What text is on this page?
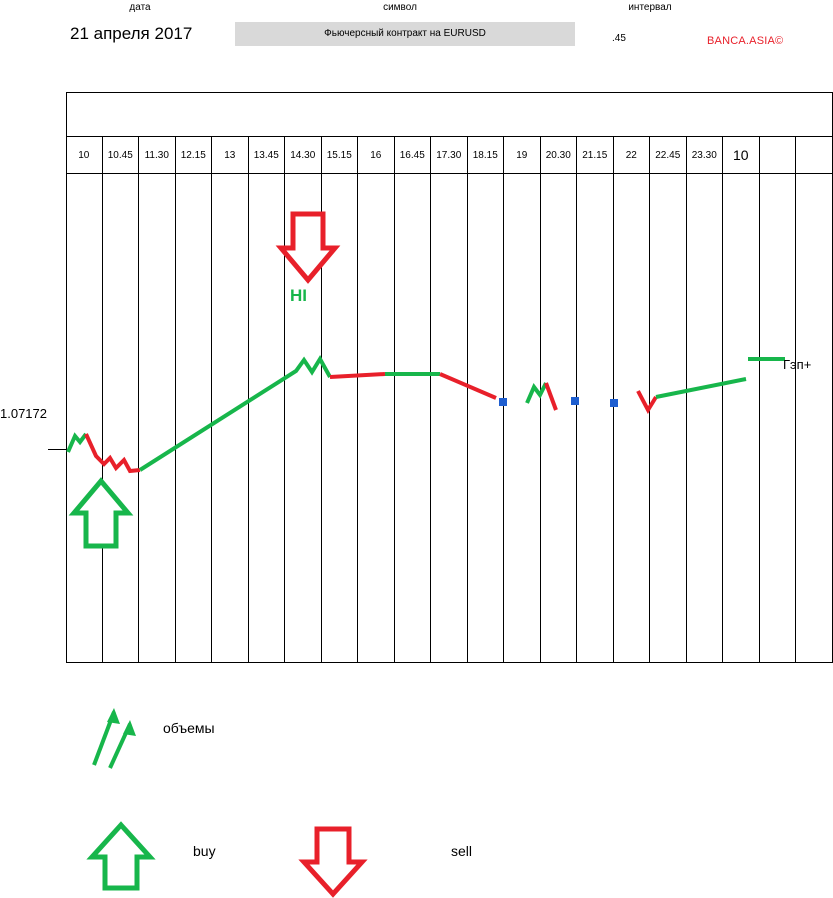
дата	символ	интервал
21 апреля 2017	Фьючерсный контракт на EURUSD	.45	BANCA.ASIA©
10	10.45	11.30	12.15	13	13.45	14.30	15.15	16	16.45	17.30	18.15	19	20.30	21.15	22	22.45	23.30	10
1.07172
HI
Гэп+
объемы
buy	sell
